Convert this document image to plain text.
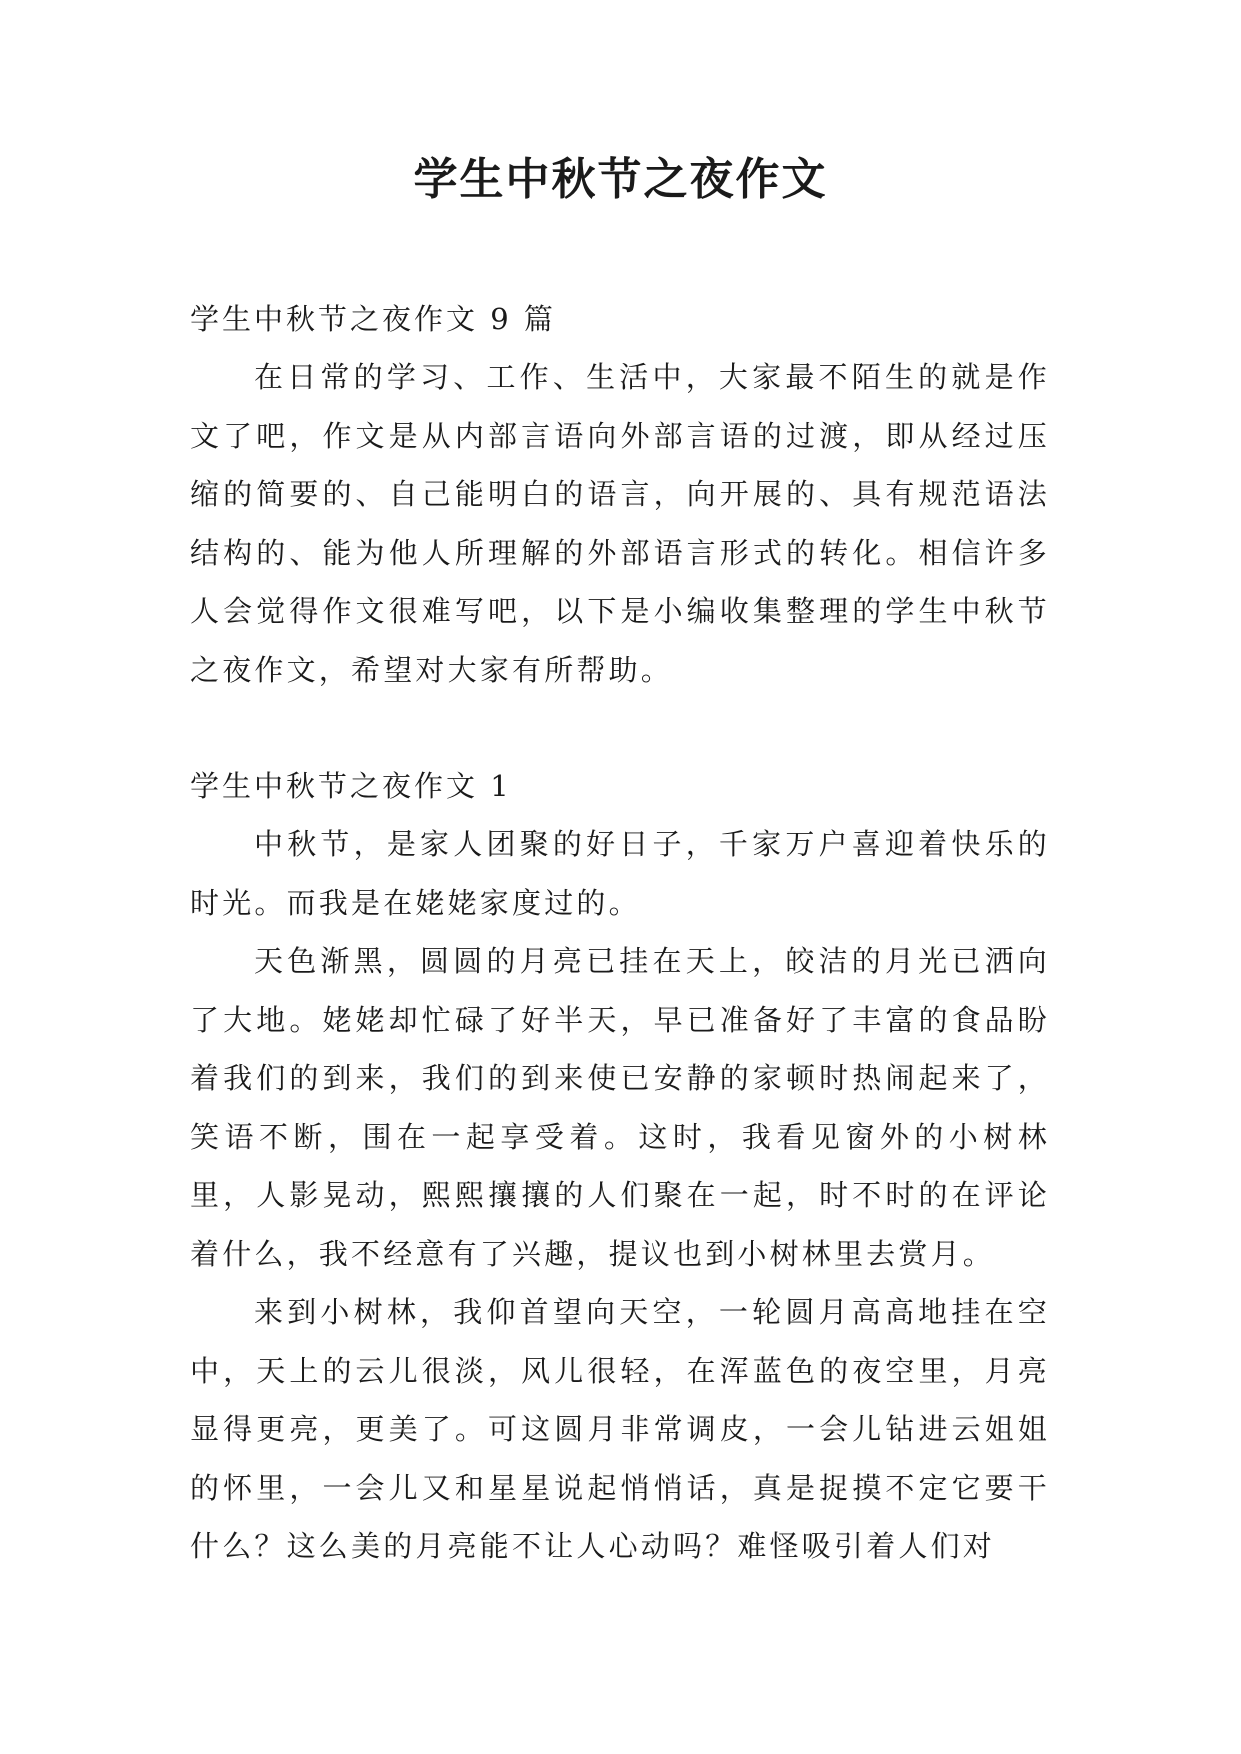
学生中秋节之夜作文

学生中秋节之夜作文 9 篇

在日常的学习、工作、生活中，大家最不陌生的就是作文了吧，作文是从内部言语向外部言语的过渡，即从经过压缩的简要的、自己能明白的语言，向开展的、具有规范语法结构的、能为他人所理解的外部语言形式的转化。相信许多人会觉得作文很难写吧，以下是小编收集整理的学生中秋节之夜作文，希望对大家有所帮助。

学生中秋节之夜作文 1

中秋节，是家人团聚的好日子，千家万户喜迎着快乐的时光。而我是在姥姥家度过的。

天色渐黑，圆圆的月亮已挂在天上，皎洁的月光已洒向了大地。姥姥却忙碌了好半天，早已准备好了丰富的食品盼着我们的到来，我们的到来使已安静的家顿时热闹起来了，笑语不断，围在一起享受着。这时，我看见窗外的小树林里，人影晃动，熙熙攘攘的人们聚在一起，时不时的在评论着什么，我不经意有了兴趣，提议也到小树林里去赏月。

来到小树林，我仰首望向天空，一轮圆月高高地挂在空中，天上的云儿很淡，风儿很轻，在浑蓝色的夜空里，月亮显得更亮，更美了。可这圆月非常调皮，一会儿钻进云姐姐的怀里，一会儿又和星星说起悄悄话，真是捉摸不定它要干什么？这么美的月亮能不让人心动吗？难怪吸引着人们对
